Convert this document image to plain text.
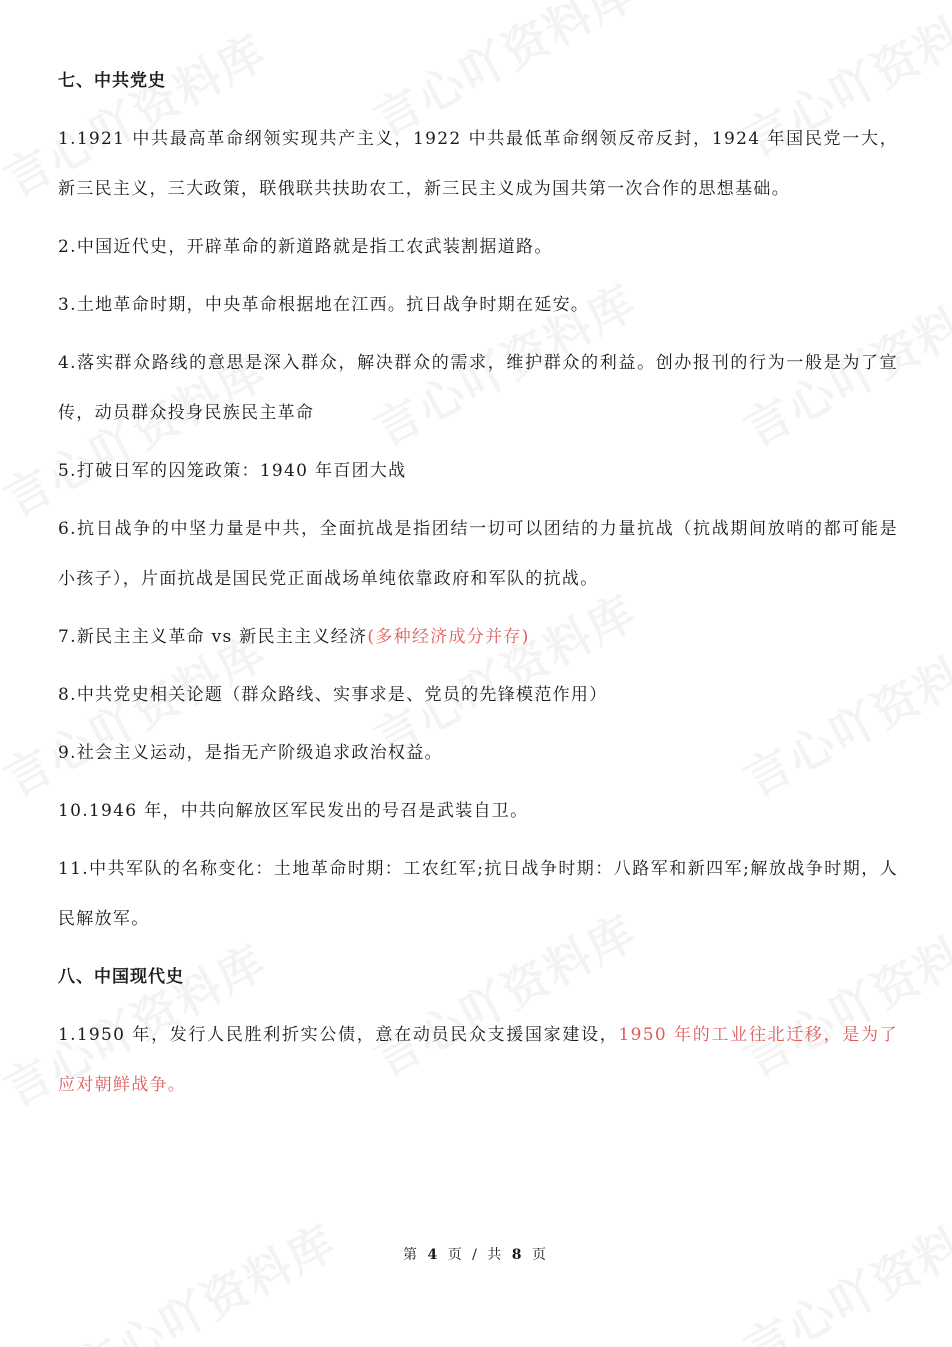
七、中共党史
1.1921 中共最高革命纲领实现共产主义，1922 中共最低革命纲领反帝反封，1924 年国民党一大，新三民主义，三大政策，联俄联共扶助农工，新三民主义成为国共第一次合作的思想基础。
2.中国近代史，开辟革命的新道路就是指工农武装割据道路。
3.土地革命时期，中央革命根据地在江西。抗日战争时期在延安。
4.落实群众路线的意思是深入群众，解决群众的需求，维护群众的利益。创办报刊的行为一般是为了宣传，动员群众投身民族民主革命
5.打破日军的囚笼政策：1940 年百团大战
6.抗日战争的中坚力量是中共，全面抗战是指团结一切可以团结的力量抗战（抗战期间放哨的都可能是小孩子），片面抗战是国民党正面战场单纯依靠政府和军队的抗战。
7.新民主主义革命 vs 新民主主义经济(多种经济成分并存)
8.中共党史相关论题（群众路线、实事求是、党员的先锋模范作用）
9.社会主义运动，是指无产阶级追求政治权益。
10.1946 年，中共向解放区军民发出的号召是武装自卫。
11.中共军队的名称变化：土地革命时期：工农红军;抗日战争时期：八路军和新四军;解放战争时期，人民解放军。
八、中国现代史
1.1950 年，发行人民胜利折实公债，意在动员民众支援国家建设，1950 年的工业往北迁移，是为了应对朝鲜战争。
第 4 页 / 共 8 页
